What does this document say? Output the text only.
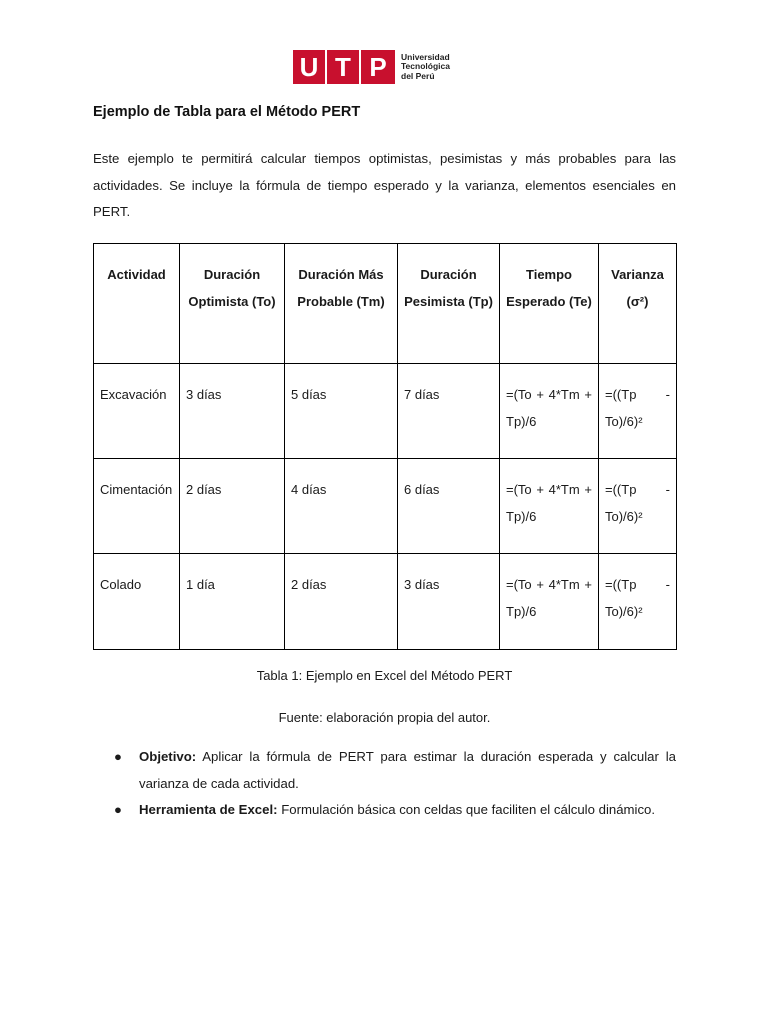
U T P	Universidad
Tecnológica
del Perú
Ejemplo de Tabla para el Método PERT

Este ejemplo te permitirá calcular tiempos optimistas, pesimistas y más probables para las actividades. Se incluye la fórmula de tiempo esperado y la varianza, elementos esenciales en PERT.

Actividad	Duración Optimista (To)	Duración Más Probable (Tm)	Duración Pesimista (Tp)	Tiempo Esperado (Te)	Varianza (σ²)
Excavación	3 días	5 días	7 días	=(To + 4*Tm + Tp)/6	=((Tp - To)/6)²
Cimentación	2 días	4 días	6 días	=(To + 4*Tm + Tp)/6	=((Tp - To)/6)²
Colado	1 día	2 días	3 días	=(To + 4*Tm + Tp)/6	=((Tp - To)/6)²

Tabla 1: Ejemplo en Excel del Método PERT

Fuente: elaboración propia del autor.

● Objetivo: Aplicar la fórmula de PERT para estimar la duración esperada y calcular la varianza de cada actividad.
● Herramienta de Excel: Formulación básica con celdas que faciliten el cálculo dinámico.
